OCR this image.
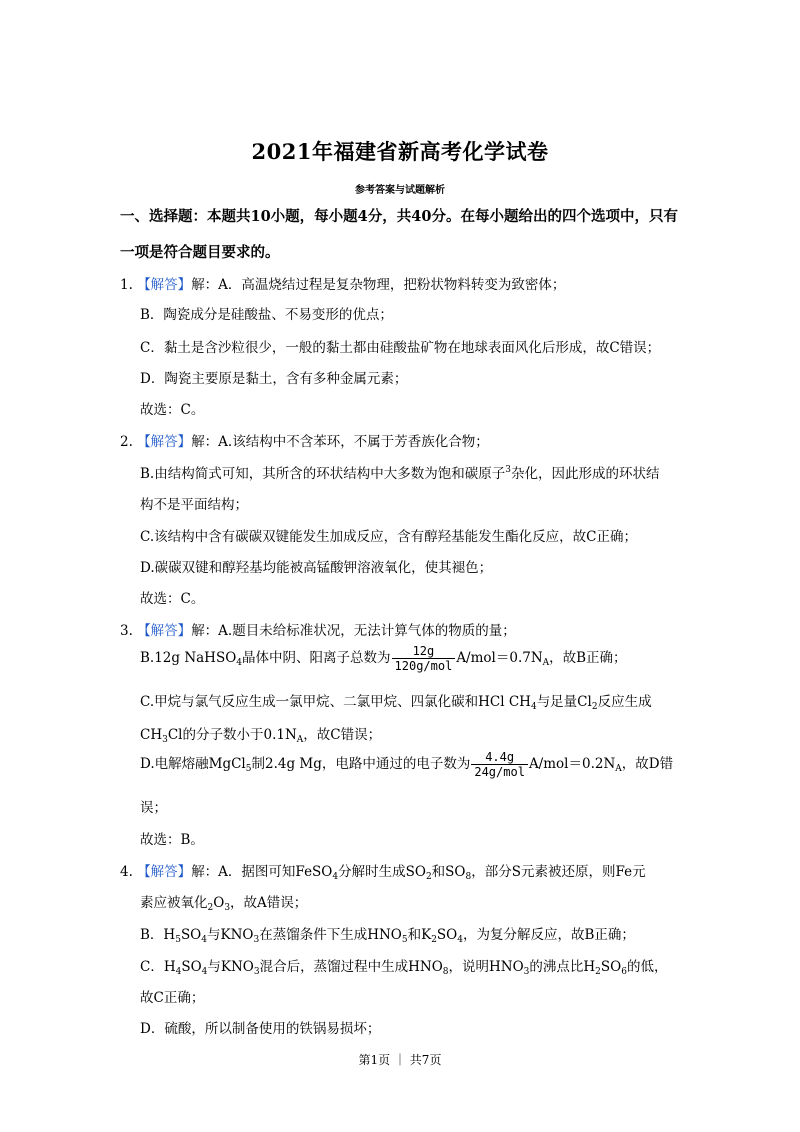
2021年福建省新高考化学试卷
参考答案与试题解析
一、选择题：本题共10小题，每小题4分，共40分。在每小题给出的四个选项中，只有
一项是符合题目要求的。
1. 【解答】解：A．高温烧结过程是复杂物理，把粉状物料转变为致密体；
B．陶瓷成分是硅酸盐、不易变形的优点；
C．黏土是含沙粒很少，一般的黏土都由硅酸盐矿物在地球表面风化后形成，故C错误；
D．陶瓷主要原是黏土，含有多种金属元素；
故选：C。
2. 【解答】解：A.该结构中不含苯环，不属于芳香族化合物；
B.由结构简式可知，其所含的环状结构中大多数为饱和碳原子$^3$杂化，因此形成的环状结
构不是平面结构；
C.该结构中含有碳碳双键能发生加成反应，含有醇羟基能发生酯化反应，故C正确；
D.碳碳双键和醇羟基均能被高锰酸钾溶液氧化，使其褪色；
故选：C。
3. 【解答】解：A.题目未给标准状况，无法计算气体的物质的量；
B.12g NaHSO$_4$晶体中阴、阳离子总数为 $\frac{12g}{\text{120g/mol}} A/mol=0.7N_A$，故B正确；
C.甲烷与氯气反应生成一氯甲烷、二氯甲烷、四氯化碳和HCl $CH_4$与足量$Cl_2$反应生成
$CH_3Cl$的分子数小于$0.1N_A$，故C错误；
D.电解熔融MgCl$_5$制2.4g Mg，电路中通过的电子数为 $\frac{4.4g}{\text{24g/mol}} A/mol=0.2N_A$，故D错
误；
故选：B。
4. 【解答】解：A．据图可知FeSO$_4$分解时生成$SO_2$和$SO_8$，部分S元素被还原，则Fe元
素应被氧化$_2O_3$，故A错误；
B．$H_5SO_4$与$KNO_3$在蒸馏条件下生成$HNO_5$和$K_2SO_4$，为复分解反应，故B正确；
C．$H_4SO_4$与$KNO_3$混合后，蒸馏过程中生成$HNO_8$，说明$HNO_3$的沸点比$H_2SO_6$的低，
故C正确；
D．硫酸，所以制备使用的铁锅易损坏；
第1页 ｜ 共7页
